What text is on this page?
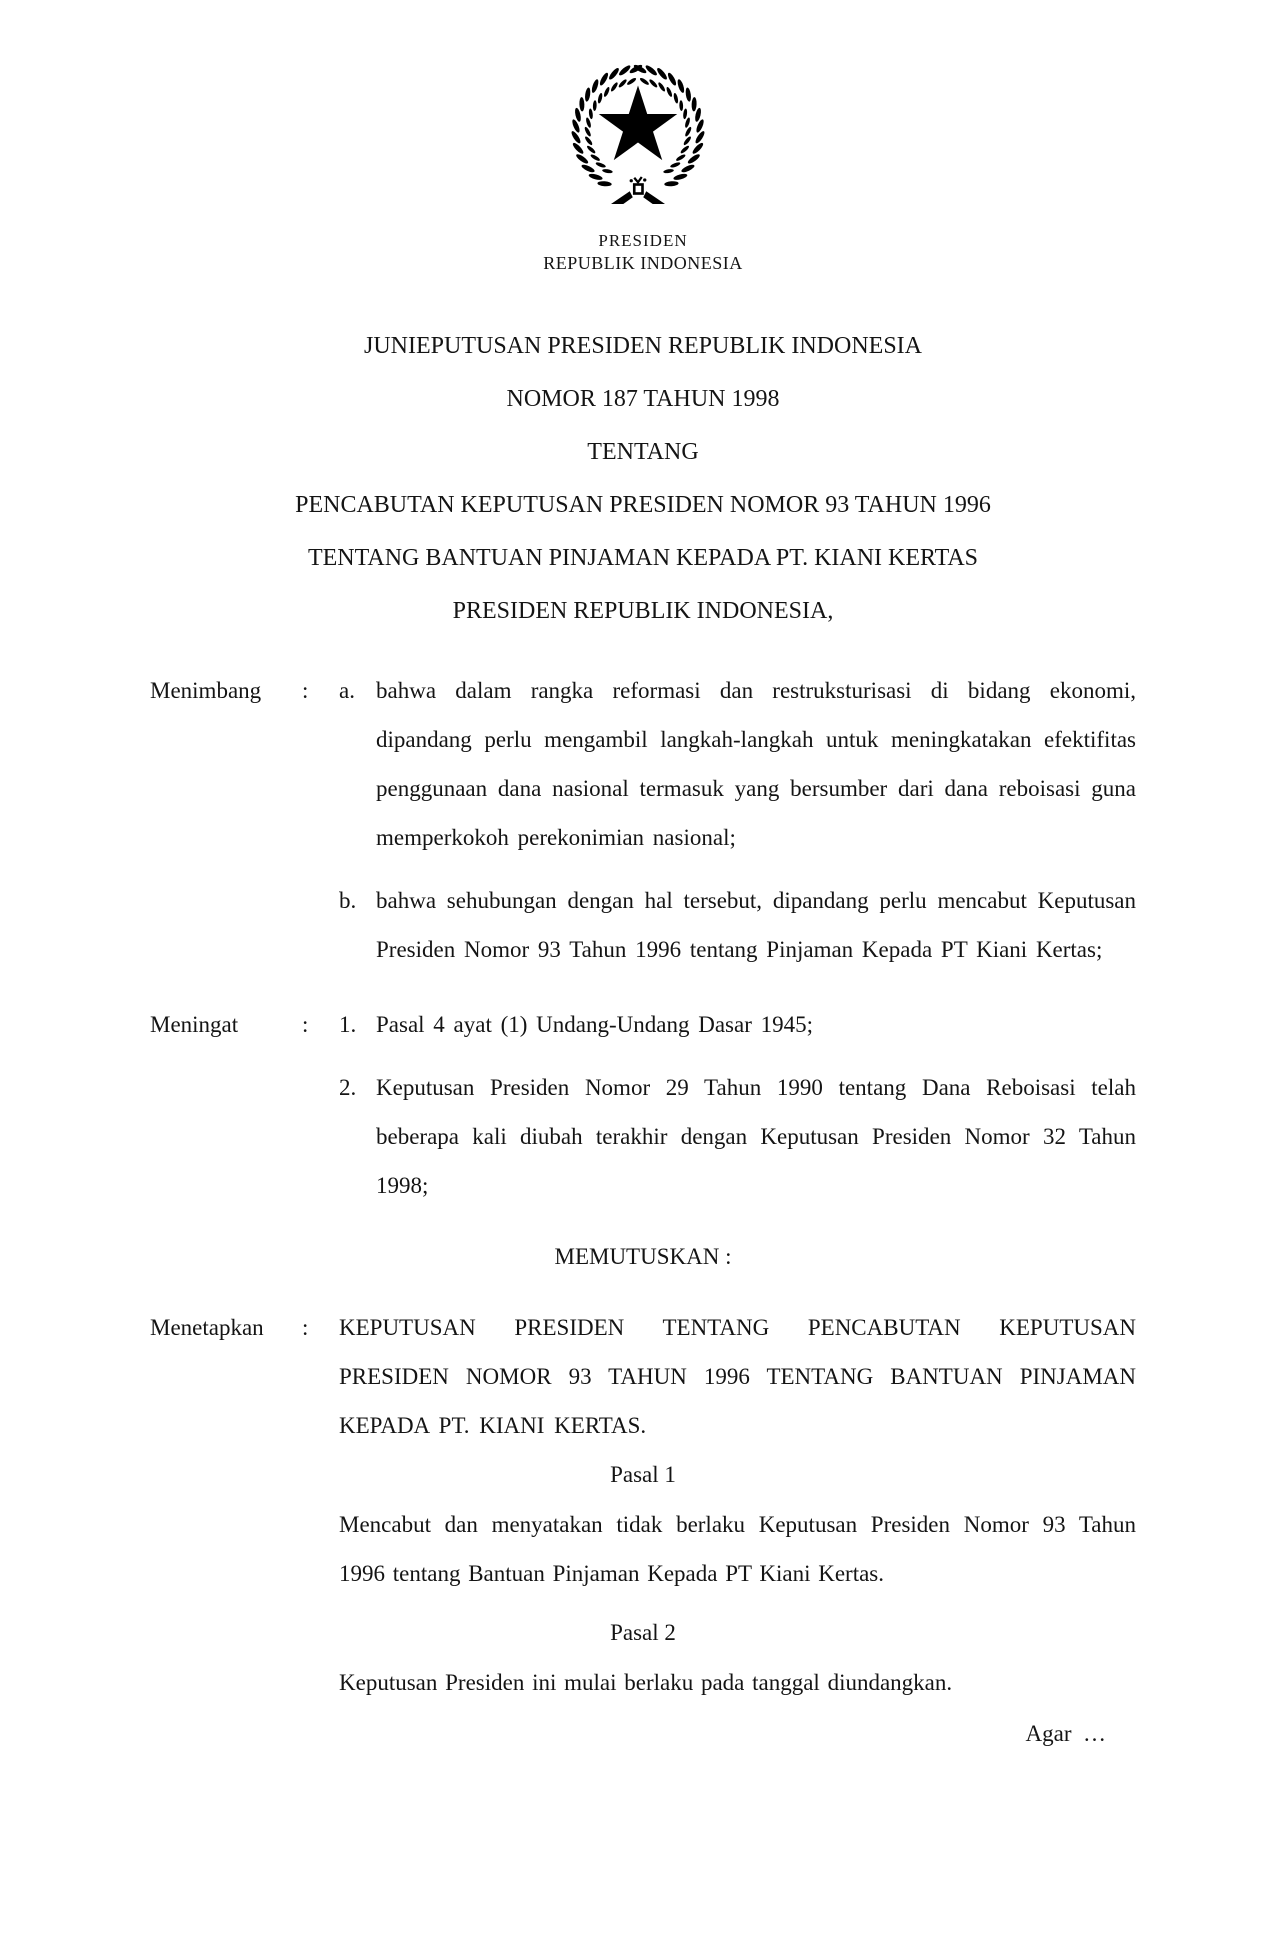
PRESIDEN
REPUBLIK INDONESIA
JUNIEPUTUSAN PRESIDEN REPUBLIK INDONESIA
NOMOR 187 TAHUN 1998
TENTANG
PENCABUTAN KEPUTUSAN PRESIDEN NOMOR 93 TAHUN 1996
TENTANG BANTUAN PINJAMAN KEPADA PT. KIANI KERTAS
PRESIDEN REPUBLIK INDONESIA,
Menimbang	:	a. bahwa dalam rangka reformasi dan restruksturisasi di bidang ekonomi, dipandang perlu mengambil langkah-langkah untuk meningkatakan efektifitas penggunaan dana nasional termasuk yang bersumber dari dana reboisasi guna memperkokoh perekonimian nasional;
b. bahwa sehubungan dengan hal tersebut, dipandang perlu mencabut Keputusan Presiden Nomor 93 Tahun 1996 tentang Pinjaman Kepada PT Kiani Kertas;
Meningat	:	1. Pasal 4 ayat (1) Undang-Undang Dasar 1945;
2. Keputusan Presiden Nomor 29 Tahun 1990 tentang Dana Reboisasi telah beberapa kali diubah terakhir dengan Keputusan Presiden Nomor 32 Tahun 1998;
MEMUTUSKAN :
Menetapkan	:	KEPUTUSAN PRESIDEN TENTANG PENCABUTAN KEPUTUSAN PRESIDEN NOMOR 93 TAHUN 1996 TENTANG BANTUAN PINJAMAN KEPADA PT. KIANI KERTAS.
Pasal 1
Mencabut dan menyatakan tidak berlaku Keputusan Presiden Nomor 93 Tahun 1996 tentang Bantuan Pinjaman Kepada PT Kiani Kertas.
Pasal 2
Keputusan Presiden ini mulai berlaku pada tanggal diundangkan.
Agar  …
